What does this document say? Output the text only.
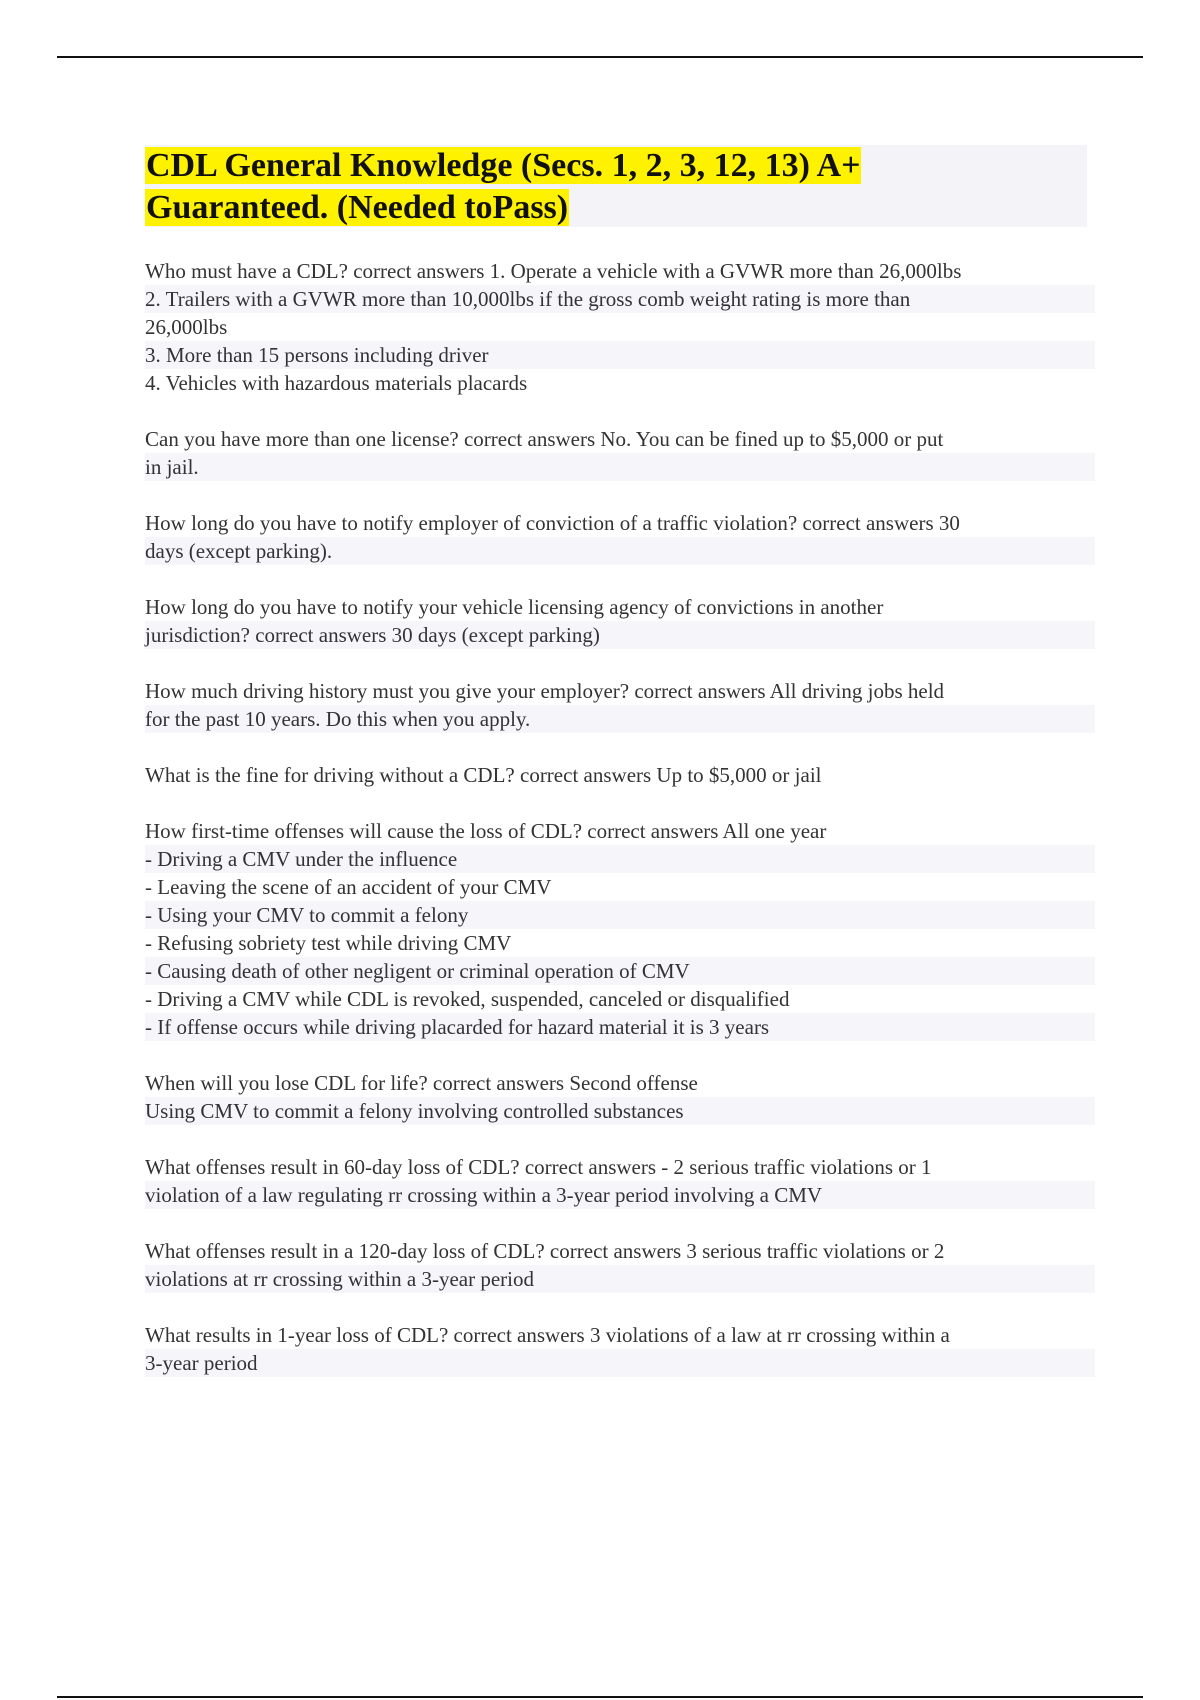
CDL General Knowledge (Secs. 1, 2, 3, 12, 13) A+
Guaranteed. (Needed toPass)

Who must have a CDL? correct answers 1. Operate a vehicle with a GVWR more than 26,000lbs
2. Trailers with a GVWR more than 10,000lbs if the gross comb weight rating is more than
26,000lbs
3. More than 15 persons including driver
4. Vehicles with hazardous materials placards

Can you have more than one license? correct answers No. You can be fined up to $5,000 or put
in jail.

How long do you have to notify employer of conviction of a traffic violation? correct answers 30
days (except parking).

How long do you have to notify your vehicle licensing agency of convictions in another
jurisdiction? correct answers 30 days (except parking)

How much driving history must you give your employer? correct answers All driving jobs held
for the past 10 years. Do this when you apply.

What is the fine for driving without a CDL? correct answers Up to $5,000 or jail

How first-time offenses will cause the loss of CDL? correct answers All one year
- Driving a CMV under the influence
- Leaving the scene of an accident of your CMV
- Using your CMV to commit a felony
- Refusing sobriety test while driving CMV
- Causing death of other negligent or criminal operation of CMV
- Driving a CMV while CDL is revoked, suspended, canceled or disqualified
- If offense occurs while driving placarded for hazard material it is 3 years

When will you lose CDL for life? correct answers Second offense
Using CMV to commit a felony involving controlled substances

What offenses result in 60-day loss of CDL? correct answers - 2 serious traffic violations or 1
violation of a law regulating rr crossing within a 3-year period involving a CMV

What offenses result in a 120-day loss of CDL? correct answers 3 serious traffic violations or 2
violations at rr crossing within a 3-year period

What results in 1-year loss of CDL? correct answers 3 violations of a law at rr crossing within a
3-year period
